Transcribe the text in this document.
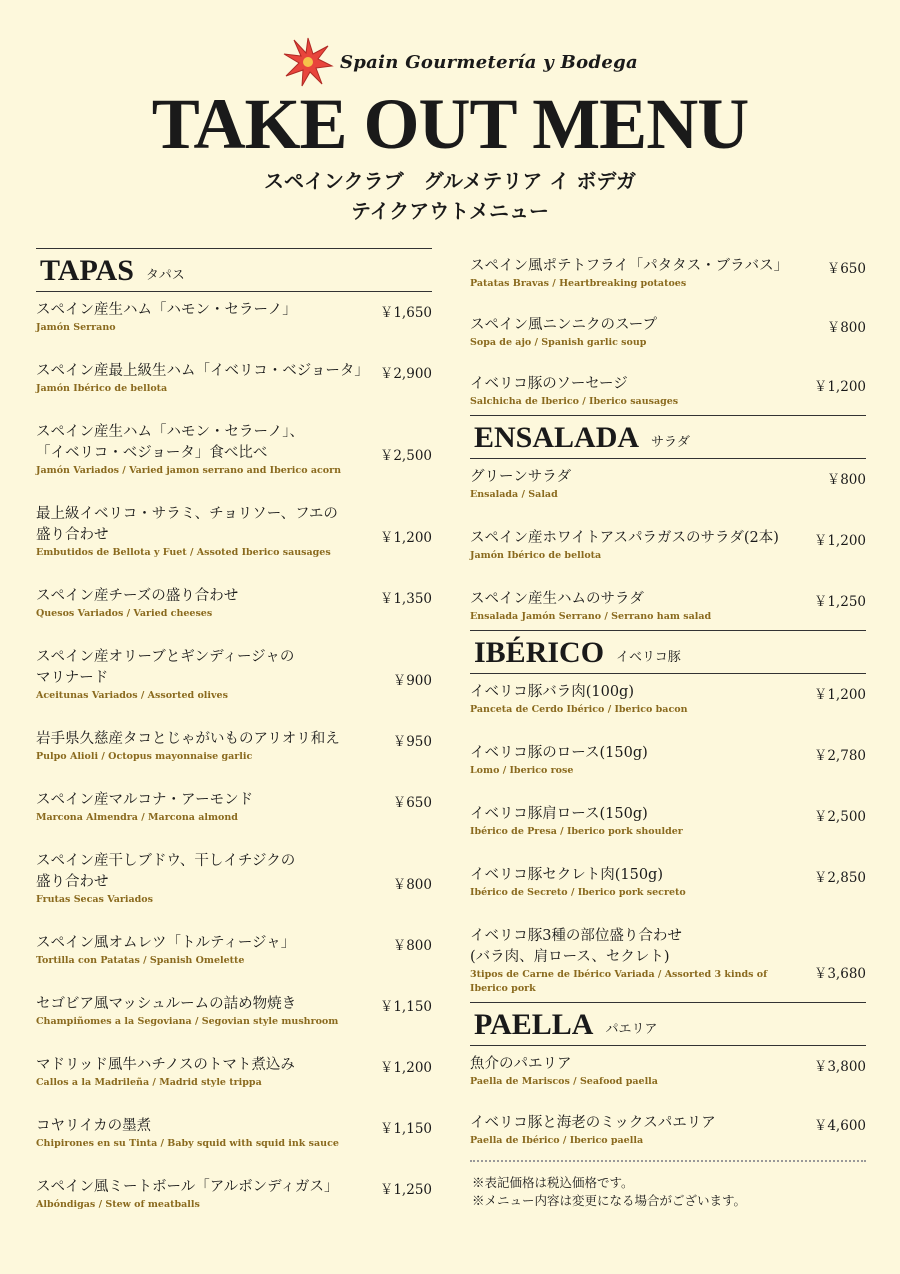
Spain Gourmetería y Bodega
TAKE OUT MENU
スペインクラブ　グルメテリア イ ボデガ
テイクアウトメニュー
TAPAS タパス
スペイン産生ハム「ハモン・セラーノ」
Jamón Serrano
￥1,650
スペイン産最上級生ハム「イベリコ・ベジョータ」
Jamón Ibérico de bellota
￥2,900
スペイン産生ハム「ハモン・セラーノ」、
「イベリコ・ベジョータ」食べ比べ
Jamón Variados / Varied jamon serrano and Iberico acorn
￥2,500
最上級イベリコ・サラミ、チョリソー、フエの
盛り合わせ
Embutidos de Bellota y Fuet / Assoted Iberico sausages
￥1,200
スペイン産チーズの盛り合わせ
Quesos Variados / Varied cheeses
￥1,350
スペイン産オリーブとギンディージャの
マリナード
Aceitunas Variados / Assorted olives
￥900
岩手県久慈産タコとじゃがいものアリオリ和え
Pulpo Alioli / Octopus mayonnaise garlic
￥950
スペイン産マルコナ・アーモンド
Marcona Almendra / Marcona almond
￥650
スペイン産干しブドウ、干しイチジクの
盛り合わせ
Frutas Secas Variados
￥800
スペイン風オムレツ「トルティージャ」
Tortilla con Patatas / Spanish Omelette
￥800
セゴビア風マッシュルームの詰め物焼き
Champiñomes a la Segoviana / Segovian style mushroom
￥1,150
マドリッド風牛ハチノスのトマト煮込み
Callos a la Madrileña / Madrid style trippa
￥1,200
コヤリイカの墨煮
Chipirones en su Tinta / Baby squid with squid ink sauce
￥1,150
スペイン風ミートボール「アルボンディガス」
Albóndigas / Stew of meatballs
￥1,250
スペイン風ポテトフライ「パタタス・ブラバス」
Patatas Bravas / Heartbreaking potatoes
￥650
スペイン風ニンニクのスープ
Sopa de ajo / Spanish garlic soup
￥800
イベリコ豚のソーセージ
Salchicha de Iberico / Iberico sausages
￥1,200
ENSALADA サラダ
グリーンサラダ
Ensalada / Salad
￥800
スペイン産ホワイトアスパラガスのサラダ(2本)
Jamón Ibérico de bellota
￥1,200
スペイン産生ハムのサラダ
Ensalada Jamón Serrano / Serrano ham salad
￥1,250
IBÉRICO イベリコ豚
イベリコ豚バラ肉(100g)
Panceta de Cerdo Ibérico / Iberico bacon
￥1,200
イベリコ豚のロース(150g)
Lomo / Iberico rose
￥2,780
イベリコ豚肩ロース(150g)
Ibérico de Presa / Iberico pork shoulder
￥2,500
イベリコ豚セクレト肉(150g)
Ibérico de Secreto / Iberico pork secreto
￥2,850
イベリコ豚3種の部位盛り合わせ
(バラ肉、肩ロース、セクレト)
3tipos de Carne de Ibérico Variada / Assorted 3 kinds of Iberico pork
￥3,680
PAELLA パエリア
魚介のパエリア
Paella de Mariscos / Seafood paella
￥3,800
イベリコ豚と海老のミックスパエリア
Paella de Ibérico / Iberico paella
￥4,600
※表記価格は税込価格です。
※メニュー内容は変更になる場合がございます。
